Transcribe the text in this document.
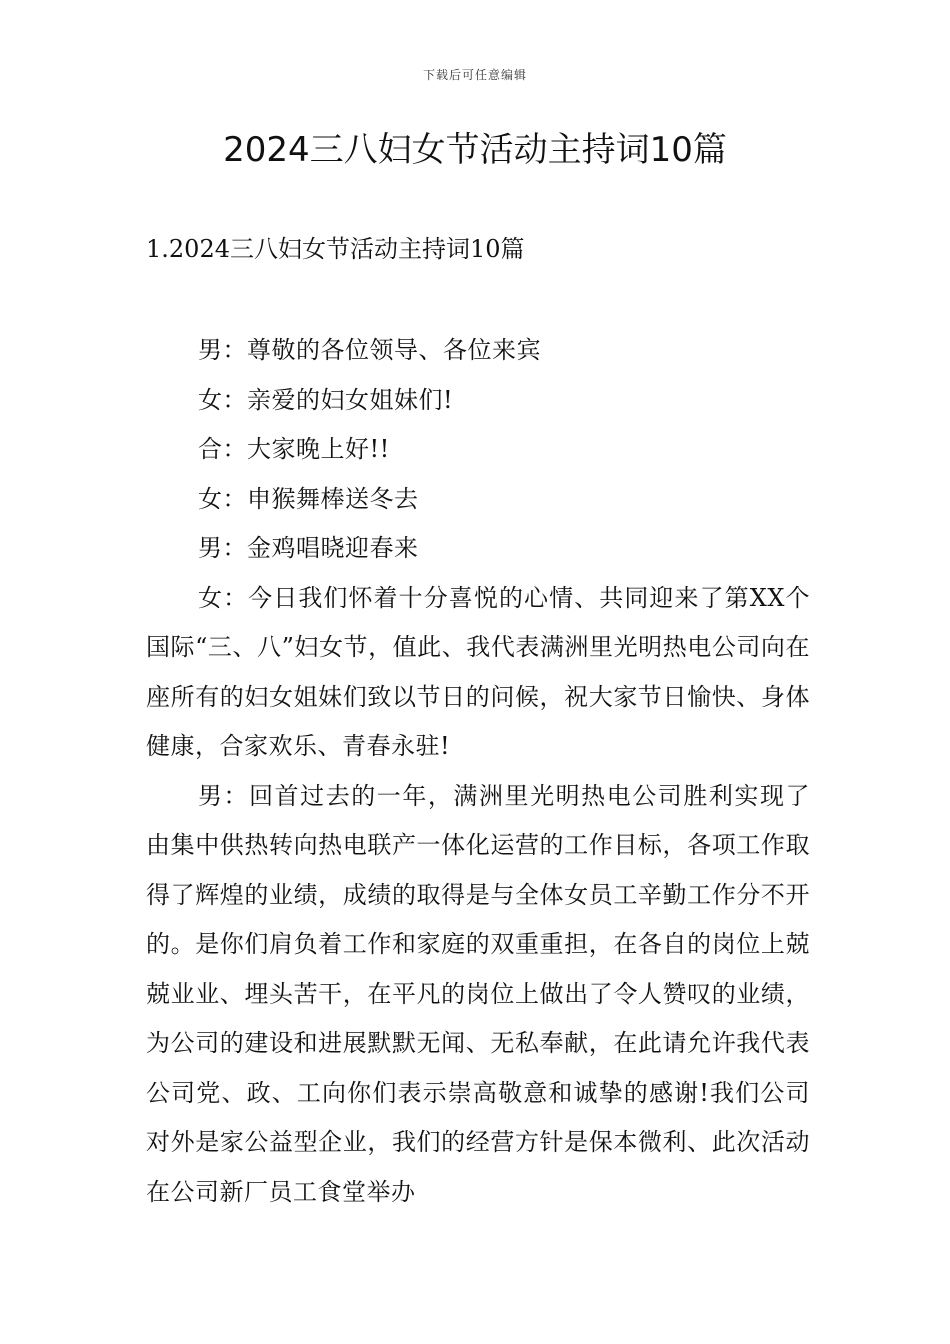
下载后可任意编辑
2024三八妇女节活动主持词10篇
1.2024三八妇女节活动主持词10篇

男：尊敬的各位领导、各位来宾

女：亲爱的妇女姐妹们!

合：大家晚上好!!

女：申猴舞棒送冬去

男：金鸡唱晓迎春来

女：今日我们怀着十分喜悦的心情、共同迎来了第XX个国际“三、八”妇女节，值此、我代表满洲里光明热电公司向在座所有的妇女姐妹们致以节日的问候，祝大家节日愉快、身体健康，合家欢乐、青春永驻!

男：回首过去的一年，满洲里光明热电公司胜利实现了由集中供热转向热电联产一体化运营的工作目标，各项工作取得了辉煌的业绩，成绩的取得是与全体女员工辛勤工作分不开的。是你们肩负着工作和家庭的双重重担，在各自的岗位上兢兢业业、埋头苦干，在平凡的岗位上做出了令人赞叹的业绩，为公司的建设和进展默默无闻、无私奉献，在此请允许我代表公司党、政、工向你们表示崇高敬意和诚挚的感谢!我们公司对外是家公益型企业，我们的经营方针是保本微利、此次活动在公司新厂员工食堂举办
